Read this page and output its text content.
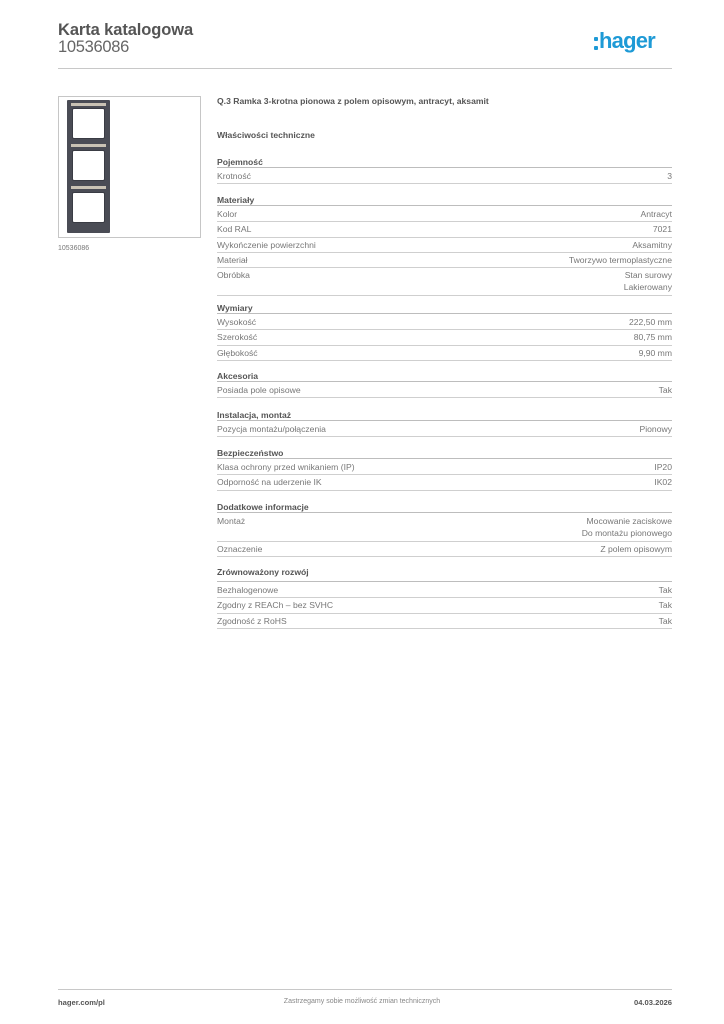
Karta katalogowa
10536086	hager
10536086
Q.3 Ramka 3-krotna pionowa z polem opisowym, antracyt, aksamit
Właściwości techniczne
Pojemność
Krotność	3
Materiały
Kolor	Antracyt
Kod RAL	7021
Wykończenie powierzchni	Aksamitny
Materiał	Tworzywo termoplastyczne
Obróbka	Stan surowy
Lakierowany
Wymiary
Wysokość	222,50 mm
Szerokość	80,75 mm
Głębokość	9,90 mm
Akcesoria
Posiada pole opisowe	Tak
Instalacja, montaż
Pozycja montażu/połączenia	Pionowy
Bezpieczeństwo
Klasa ochrony przed wnikaniem (IP)	IP20
Odporność na uderzenie IK	IK02
Dodatkowe informacje
Montaż	Mocowanie zaciskowe
Do montażu pionowego
Oznaczenie	Z polem opisowym
Zrównoważony rozwój
Bezhalogenowe	Tak
Zgodny z REACh – bez SVHC	Tak
Zgodność z RoHS	Tak
hager.com/pl	Zastrzegamy sobie możliwość zmian technicznych	04.03.2026
